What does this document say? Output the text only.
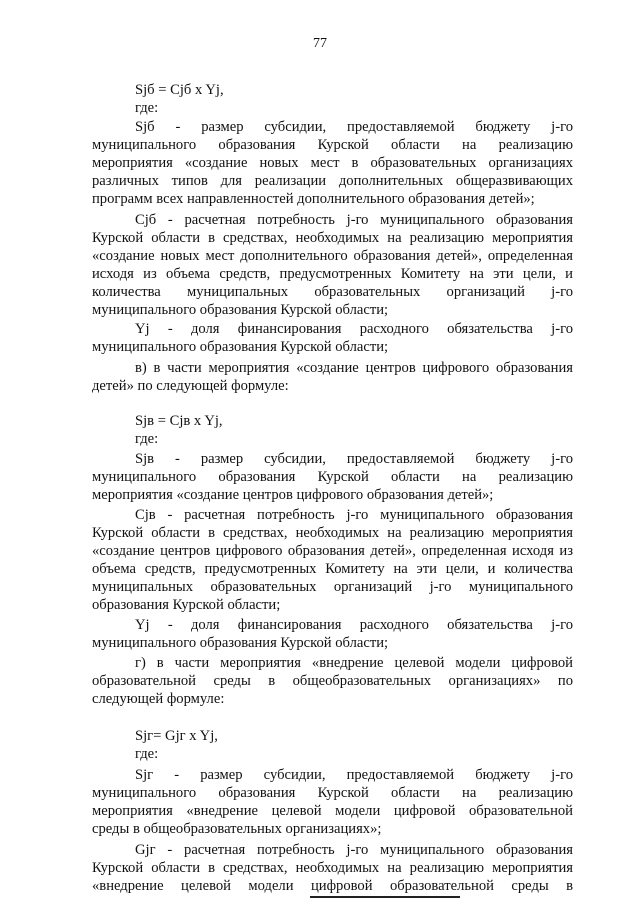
77
Sjб = Cjб x Yj,
где:
Sjб - размер субсидии, предоставляемой бюджету j-го
муниципального образования Курской области на реализацию
мероприятия «создание новых мест в образовательных организациях
различных типов для реализации дополнительных общеразвивающих
программ всех направленностей дополнительного образования детей»;
Cjб - расчетная потребность j-го муниципального образования
Курской области в средствах, необходимых на реализацию мероприятия
«создание новых мест дополнительного образования детей», определенная
исходя из объема средств, предусмотренных Комитету на эти цели, и
количества муниципальных образовательных организаций j-го
муниципального образования Курской области;
Yj - доля финансирования расходного обязательства j-го
муниципального образования Курской области;
в) в части мероприятия «создание центров цифрового образования
детей» по следующей формуле:
Sjв = Cjв x Yj,
где:
Sjв - размер субсидии, предоставляемой бюджету j-го
муниципального образования Курской области на реализацию
мероприятия «создание центров цифрового образования детей»;
Cjв - расчетная потребность j-го муниципального образования
Курской области в средствах, необходимых на реализацию мероприятия
«создание центров цифрового образования детей», определенная исходя из
объема средств, предусмотренных Комитету на эти цели, и количества
муниципальных образовательных организаций j-го муниципального
образования Курской области;
Yj - доля финансирования расходного обязательства j-го
муниципального образования Курской области;
г) в части мероприятия «внедрение целевой модели цифровой
образовательной среды в общеобразовательных организациях» по
следующей формуле:
Sjг= Gjг x Yj,
где:
Sjг - размер субсидии, предоставляемой бюджету j-го
муниципального образования Курской области на реализацию
мероприятия «внедрение целевой модели цифровой образовательной
среды в общеобразовательных организациях»;
Gjг - расчетная потребность j-го муниципального образования
Курской области в средствах, необходимых на реализацию мероприятия
«внедрение целевой модели цифровой образовательной среды в
